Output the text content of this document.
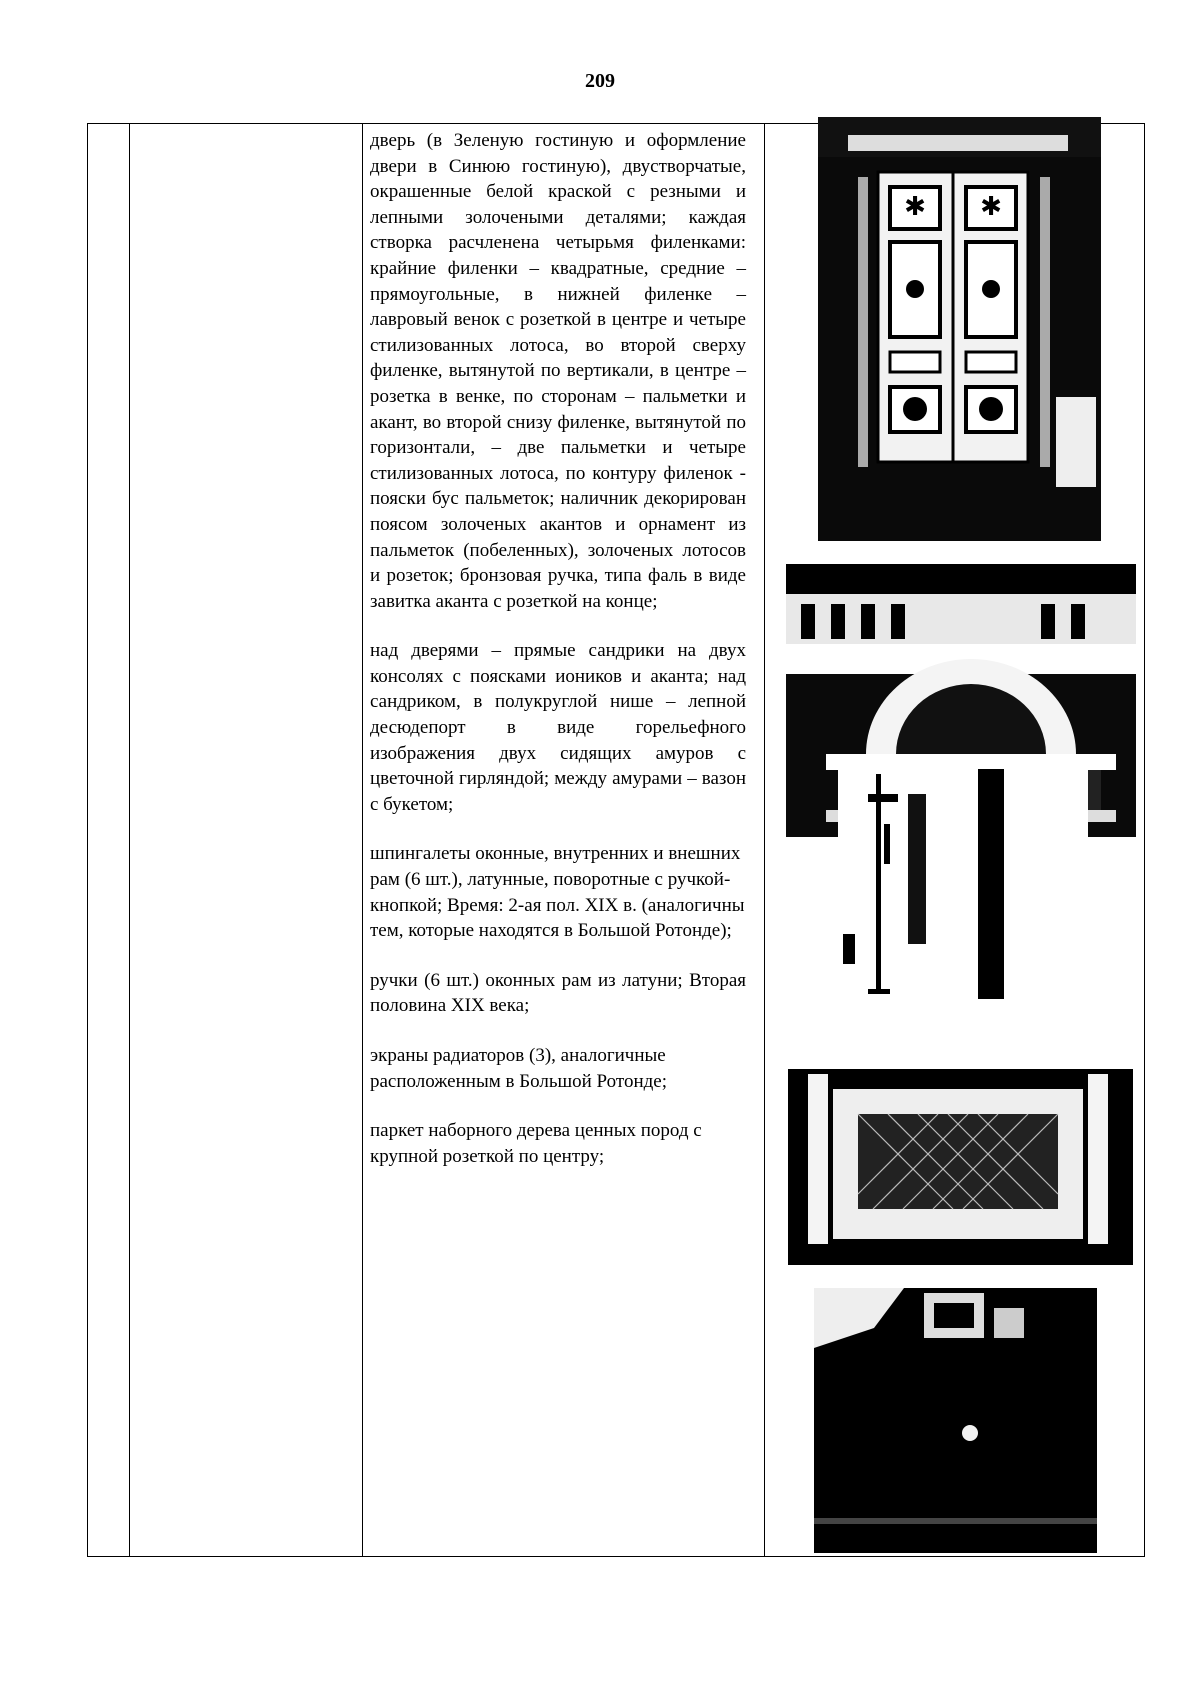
209

дверь (в Зеленую гостиную и оформление двери в Синюю гостиную), двустворчатые, окрашенные белой краской с резными и лепными золочеными деталями; каждая створка расчленена четырьмя филенками: крайние филенки – квадратные, средние – прямоугольные, в нижней филенке – лавровый венок с розеткой в центре и четыре стилизованных лотоса, во второй сверху филенке, вытянутой по вертикали, в центре – розетка в венке, по сторонам – пальметки и акант, во второй снизу филенке, вытянутой по горизонтали, – две пальметки и четыре стилизованных лотоса, по контуру филенок - пояски бус пальметок; наличник декорирован поясом золоченых акантов и орнамент из пальметок (побеленных), золоченых лотосов и розеток; бронзовая ручка, типа фаль в виде завитка аканта с розеткой на конце;

над дверями – прямые сандрики на двух консолях с поясками иоников и аканта; над сандриком, в полукруглой нише – лепной десюдепорт в виде горельефного изображения двух сидящих амуров с цветочной гирляндой; между амурами – вазон с букетом;

шпингалеты оконные, внутренних и внешних рам (6 шт.), латунные, поворотные с ручкой-кнопкой; Время: 2-ая пол. XIX в. (аналогичны тем, которые находятся в Большой Ротонде);

ручки (6 шт.) оконных рам из латуни; Вторая половина XIX века;

экраны радиаторов (3), аналогичные расположенным в Большой Ротонде;

паркет наборного дерева ценных пород с крупной розеткой по центру;

✱ ✱
